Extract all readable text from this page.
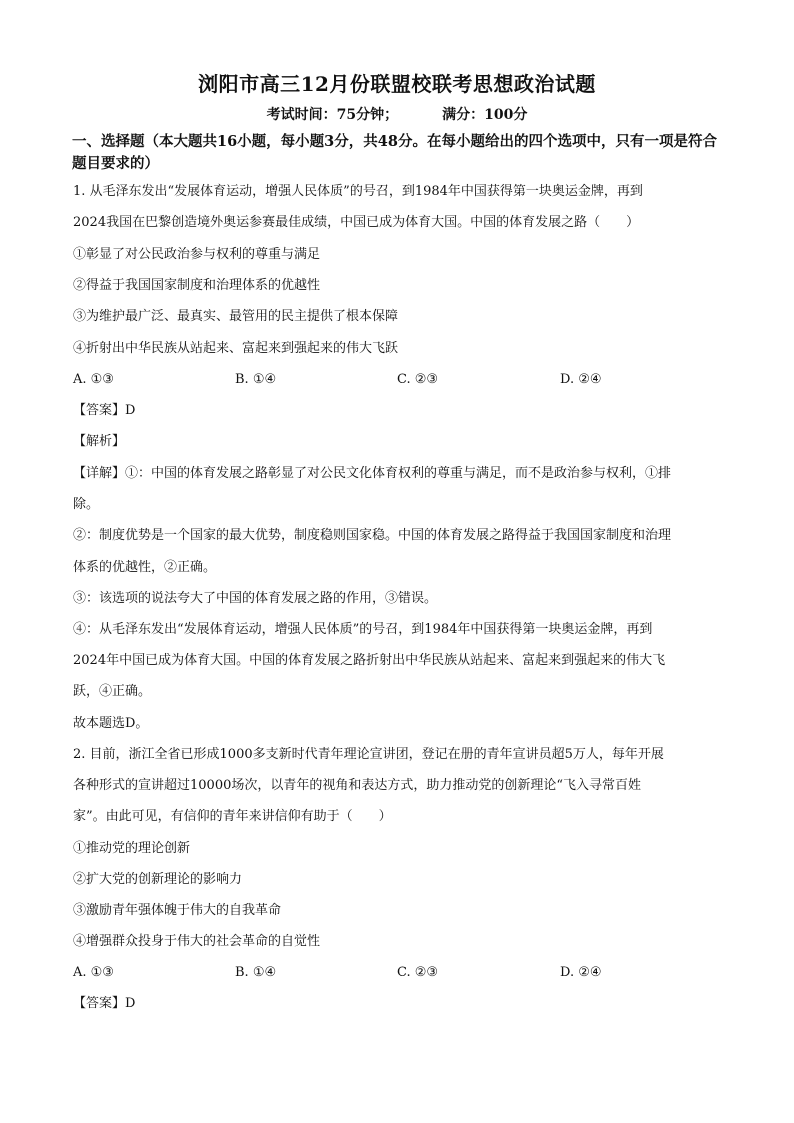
浏阳市高三12月份联盟校联考思想政治试题
考试时间：75分钟；	满分：100分
一、选择题（本大题共16小题，每小题3分，共48分。在每小题给出的四个选项中，只有一项是符合题目要求的）
1. 从毛泽东发出“发展体育运动，增强人民体质”的号召，到1984年中国获得第一块奥运金牌，再到
2024我国在巴黎创造境外奥运参赛最佳成绩，中国已成为体育大国。中国的体育发展之路（　　）
①彰显了对公民政治参与权利的尊重与满足
②得益于我国国家制度和治理体系的优越性
③为维护最广泛、最真实、最管用的民主提供了根本保障
④折射出中华民族从站起来、富起来到强起来的伟大飞跃
A. ①③	B. ①④	C. ②③	D. ②④
【答案】D
【解析】
【详解】①：中国的体育发展之路彰显了对公民文化体育权利的尊重与满足，而不是政治参与权利，①排
除。
②：制度优势是一个国家的最大优势，制度稳则国家稳。中国的体育发展之路得益于我国国家制度和治理
体系的优越性，②正确。
③：该选项的说法夸大了中国的体育发展之路的作用，③错误。
④：从毛泽东发出“发展体育运动，增强人民体质”的号召，到1984年中国获得第一块奥运金牌，再到
2024年中国已成为体育大国。中国的体育发展之路折射出中华民族从站起来、富起来到强起来的伟大飞
跃，④正确。
故本题选D。
2. 目前，浙江全省已形成1000多支新时代青年理论宣讲团，登记在册的青年宣讲员超5万人，每年开展
各种形式的宣讲超过10000场次，以青年的视角和表达方式，助力推动党的创新理论“飞入寻常百姓
家”。由此可见，有信仰的青年来讲信仰有助于（　　）
①推动党的理论创新
②扩大党的创新理论的影响力
③激励青年强体魄于伟大的自我革命
④增强群众投身于伟大的社会革命的自觉性
A. ①③	B. ①④	C. ②③	D. ②④
【答案】D
